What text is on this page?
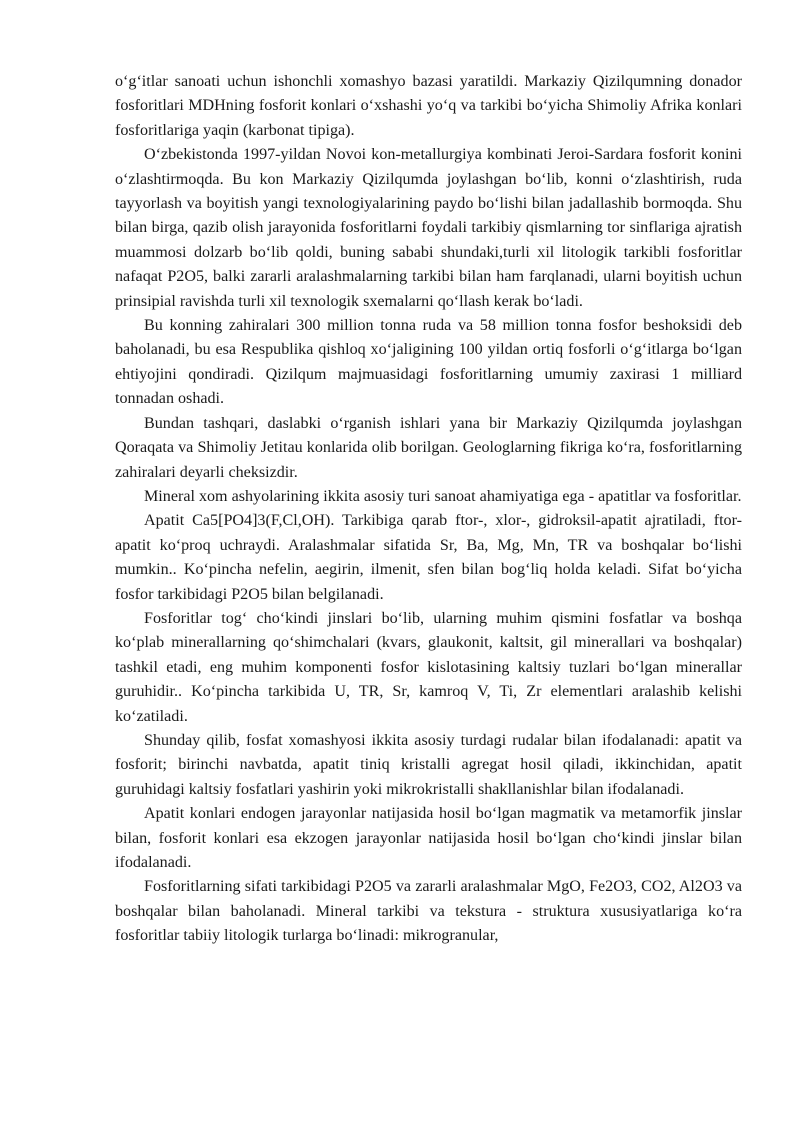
o‘g‘itlar sanoati uchun ishonchli xomashyo bazasi yaratildi. Markaziy Qizilqumning donador fosforitlari MDHning fosforit konlari o‘xshashi yo‘q va tarkibi bo‘yicha Shimoliy Afrika konlari fosforitlariga yaqin (karbonat tipiga).

O‘zbekistonda 1997-yildan Novoi kon-metallurgiya kombinati Jeroi-Sardara fosforit konini o‘zlashtirmoqda. Bu kon Markaziy Qizilqumda joylashgan bo‘lib, konni o‘zlashtirish, ruda tayyorlash va boyitish yangi texnologiyalarining paydo bo‘lishi bilan jadallashib bormoqda. Shu bilan birga, qazib olish jarayonida fosforitlarni foydali tarkibiy qismlarning tor sinflariga ajratish muammosi dolzarb bo‘lib qoldi, buning sababi shundaki,turli xil litologik tarkibli fosforitlar nafaqat P2O5, balki zararli aralashmalarning tarkibi bilan ham farqlanadi, ularni boyitish uchun prinsipial ravishda turli xil texnologik sxemalarni qo‘llash kerak bo‘ladi.

Bu konning zahiralari 300 million tonna ruda va 58 million tonna fosfor beshoksidi deb baholanadi, bu esa Respublika qishloq xo‘jaligining 100 yildan ortiq fosforli o‘g‘itlarga bo‘lgan ehtiyojini qondiradi. Qizilqum majmuasidagi fosforitlarning umumiy zaxirasi 1 milliard tonnadan oshadi.

Bundan tashqari, daslabki o‘rganish ishlari yana bir Markaziy Qizilqumda joylashgan Qoraqata va Shimoliy Jetitau konlarida olib borilgan. Geologlarning fikriga ko‘ra, fosforitlarning zahiralari deyarli cheksizdir.

Mineral xom ashyolarining ikkita asosiy turi sanoat ahamiyatiga ega - apatitlar va fosforitlar.

Apatit Ca5[PO4]3(F,Cl,OH). Tarkibiga qarab ftor-, xlor-, gidroksil-apatit ajratiladi, ftor-apatit ko‘proq uchraydi. Aralashmalar sifatida Sr, Ba, Mg, Mn, TR va boshqalar bo‘lishi mumkin.. Ko‘pincha nefelin, aegirin, ilmenit, sfen bilan bog‘liq holda keladi. Sifat bo‘yicha fosfor tarkibidagi P2O5 bilan belgilanadi.

Fosforitlar tog‘ cho‘kindi jinslari bo‘lib, ularning muhim qismini fosfatlar va boshqa ko‘plab minerallarning qo‘shimchalari (kvars, glaukonit, kaltsit, gil minerallari va boshqalar) tashkil etadi, eng muhim komponenti fosfor kislotasining kaltsiy tuzlari bo‘lgan minerallar guruhidir.. Ko‘pincha tarkibida U, TR, Sr, kamroq V, Ti, Zr elementlari aralashib kelishi ko‘zatiladi.

Shunday qilib, fosfat xomashyosi ikkita asosiy turdagi rudalar bilan ifodalanadi: apatit va fosforit; birinchi navbatda, apatit tiniq kristalli agregat hosil qiladi, ikkinchidan, apatit guruhidagi kaltsiy fosfatlari yashirin yoki mikrokristalli shakllanishlar bilan ifodalanadi.

Apatit konlari endogen jarayonlar natijasida hosil bo‘lgan magmatik va metamorfik jinslar bilan, fosforit konlari esa ekzogen jarayonlar natijasida hosil bo‘lgan cho‘kindi jinslar bilan ifodalanadi.

Fosforitlarning sifati tarkibidagi P2O5 va zararli aralashmalar MgO, Fe2O3, CO2, Al2O3 va boshqalar bilan baholanadi. Mineral tarkibi va tekstura - struktura xususiyatlariga ko‘ra fosforitlar tabiiy litologik turlarga bo‘linadi: mikrogranular,
